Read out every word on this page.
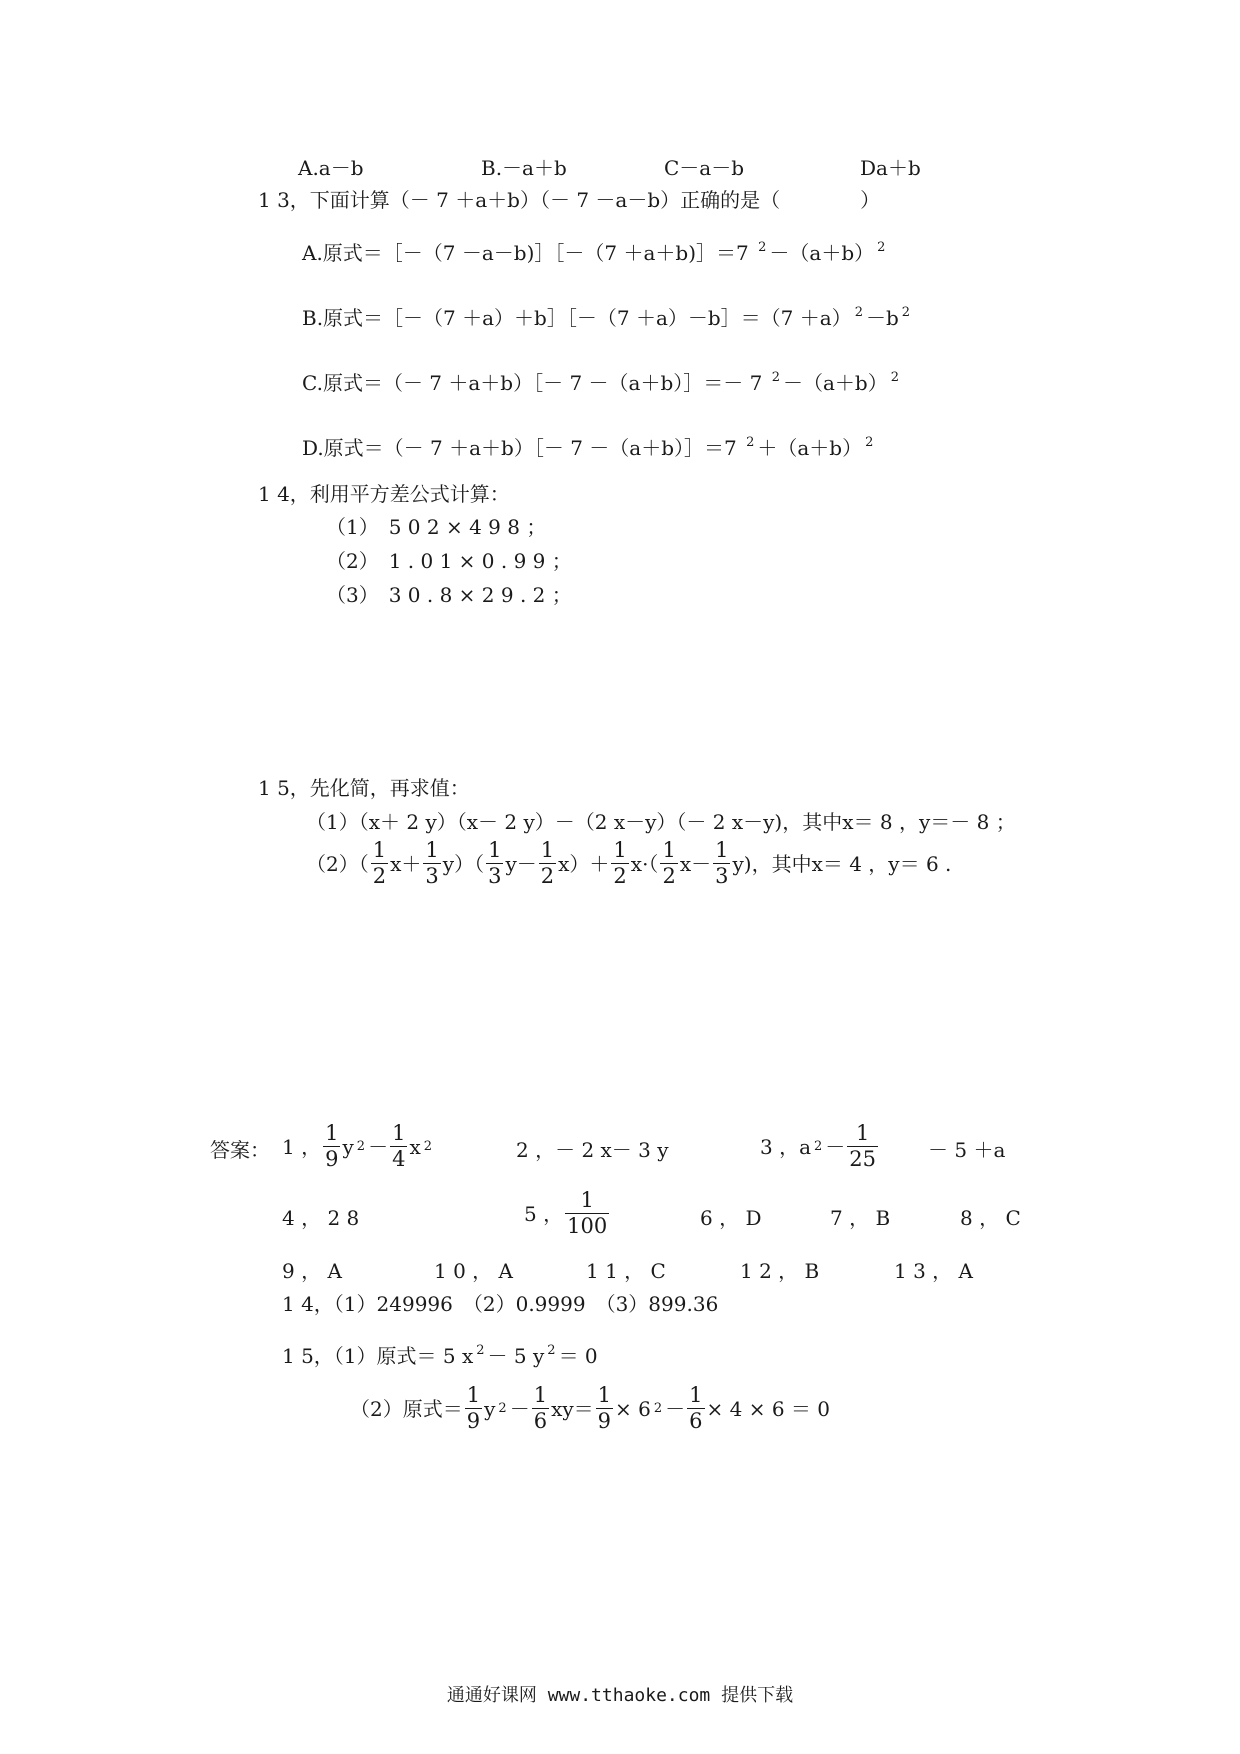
A.a－b	B.－a＋b	C－a－b	Da＋b
1 3，下面计算（－ 7 ＋a＋b）（－ 7 －a－b）正确的是（　　　　）
A.原式＝［－（7 －a－b)］［－（7 ＋a＋b)］＝7 $^2$ －（a＋b） $^2$
B.原式＝［－（7 ＋a）＋b］［－（7 ＋a）－b］＝（7 ＋a） $^2$ －b $^2$
C.原式＝（－ 7 ＋a＋b）［－ 7 －（a＋b）］＝－ 7 $^2$ －（a＋b） $^2$
D.原式＝（－ 7 ＋a＋b）［－ 7 －（a＋b）］＝7 $^2$ ＋（a＋b） $^2$
1 4，利用平方差公式计算：
（1）　5 0 2 × 4 9 8 ；
（2）　1 . 0 1 × 0 . 9 9 ；
（3）　3 0 . 8 × 2 9 . 2 ；
1 5，先化简，再求值：
（1）（x＋ 2 y）（x－ 2 y）－（2 x－y）（－ 2 x－y)，其中x＝ 8 ，y＝－ 8 ；
$(2)( \frac{1}{2} x+ \frac{1}{3} y)( \frac{1}{3} y- \frac{1}{2} x)+ \frac{1}{2} x\cdot( \frac{1}{2} x- \frac{1}{3} y)$，其中x＝ 4 ，y＝ 6 .
答案： 1 ， $\frac{1}{9}$ y $2 - \frac{1}{4}$ x 2	2 ，－ 2 x－ 3 y	3 ，a $2 - \frac{1}{25} - 5 +a$
4 ， 2 8	5 ， $\frac{1}{100}$	6 ， D	7 ， B	8 ， C
9 ， A	1 0 ， A	1 1 ， C	1 2 ， B	1 3 ， A
1 4，（1）249996　（2）0.9999　（3）899.36
1 5，（1）原式＝ 5 x $^2$ － 5 y $^2$ ＝ 0
（2）原式＝ $\frac{1}{9}$ y $2 - \frac{1}{6} xy= \frac{1}{9} \times 6$ $2 - \frac{1}{6} \times 4 \times 6 = 0$
通通好课网 www.tthaoke.com 提供下载
